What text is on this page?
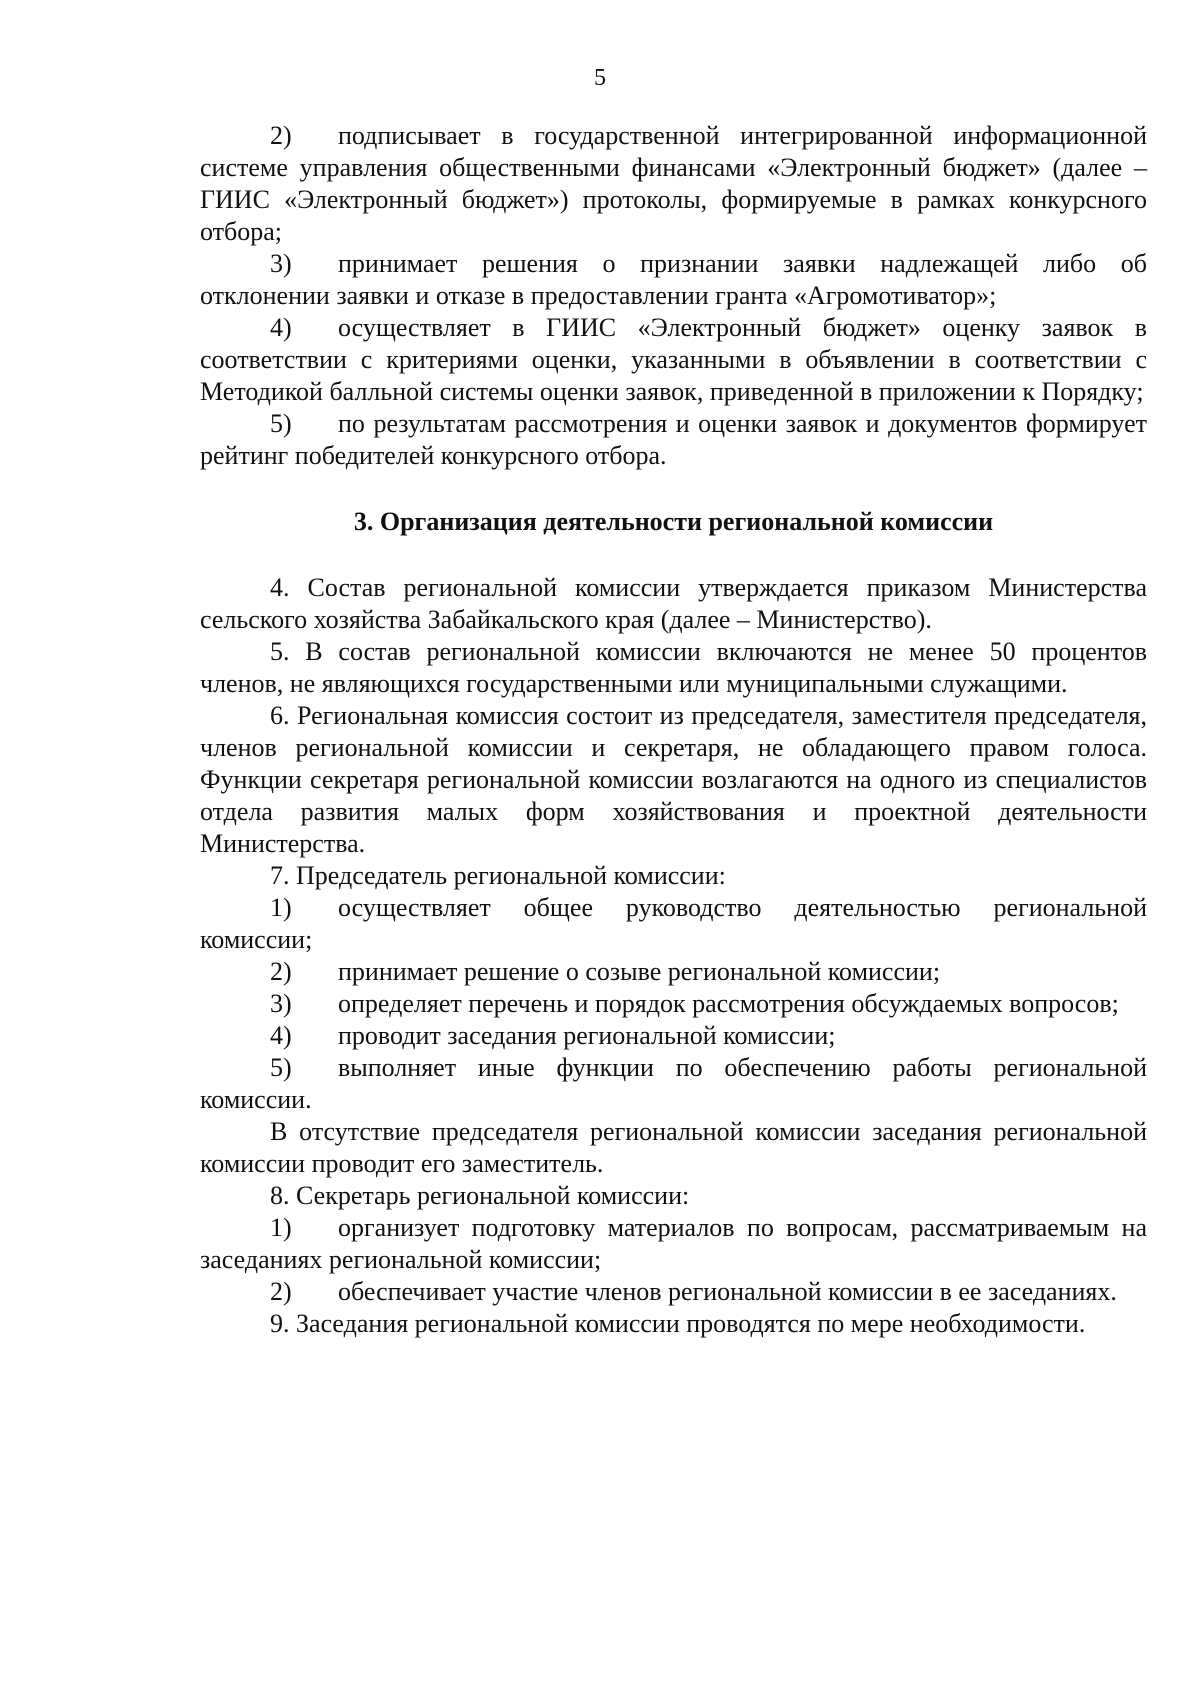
5

2) подписывает в государственной интегрированной информационной системе управления общественными финансами «Электронный бюджет» (далее – ГИИС «Электронный бюджет») протоколы, формируемые в рамках конкурсного отбора;

3) принимает решения о признании заявки надлежащей либо об отклонении заявки и отказе в предоставлении гранта «Агромотиватор»;

4) осуществляет в ГИИС «Электронный бюджет» оценку заявок в соответствии с критериями оценки, указанными в объявлении в соответствии с Методикой балльной системы оценки заявок, приведенной в приложении к Порядку;

5) по результатам рассмотрения и оценки заявок и документов формирует рейтинг победителей конкурсного отбора.

3. Организация деятельности региональной комиссии

4. Состав региональной комиссии утверждается приказом Министерства сельского хозяйства Забайкальского края (далее – Министерство).

5. В состав региональной комиссии включаются не менее 50 процентов членов, не являющихся государственными или муниципальными служащими.

6. Региональная комиссия состоит из председателя, заместителя председателя, членов региональной комиссии и секретаря, не обладающего правом голоса. Функции секретаря региональной комиссии возлагаются на одного из специалистов отдела развития малых форм хозяйствования и проектной деятельности Министерства.

7. Председатель региональной комиссии:

1) осуществляет общее руководство деятельностью региональной комиссии;

2) принимает решение о созыве региональной комиссии;

3) определяет перечень и порядок рассмотрения обсуждаемых вопросов;

4) проводит заседания региональной комиссии;

5) выполняет иные функции по обеспечению работы региональной комиссии.

В отсутствие председателя региональной комиссии заседания региональной комиссии проводит его заместитель.

8. Секретарь региональной комиссии:

1) организует подготовку материалов по вопросам, рассматриваемым на заседаниях региональной комиссии;

2) обеспечивает участие членов региональной комиссии в ее заседаниях.

9. Заседания региональной комиссии проводятся по мере необходимости.
